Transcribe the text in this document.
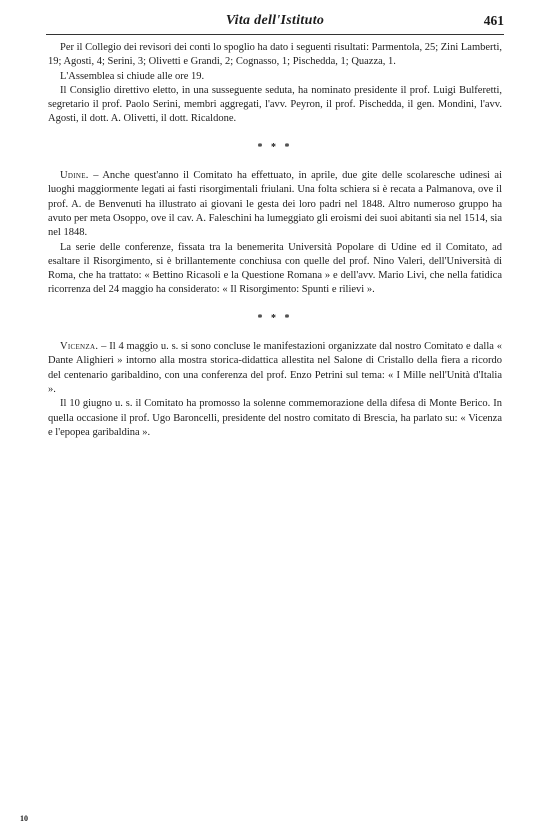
Vita dell'Istituto	461

Per il Collegio dei revisori dei conti lo spoglio ha dato i seguenti risultati: Parmentola, 25; Zini Lamberti, 19; Agosti, 4; Serini, 3; Olivetti e Grandi, 2; Cognasso, 1; Pischedda, 1; Quazza, 1.

L'Assemblea si chiude alle ore 19.

Il Consiglio direttivo eletto, in una susseguente seduta, ha nominato presidente il prof. Luigi Bulferetti, segretario il prof. Paolo Serini, membri aggregati, l'avv. Peyron, il prof. Pischedda, il gen. Mondini, l'avv. Agosti, il dott. A. Olivetti, il dott. Ricaldone.

* * *

Udine. – Anche quest'anno il Comitato ha effettuato, in aprile, due gite delle scolaresche udinesi ai luoghi maggiormente legati ai fasti risorgimentali friulani. Una folta schiera si è recata a Palmanova, ove il prof. A. de Benvenuti ha illustrato ai giovani le gesta dei loro padri nel 1848. Altro numeroso gruppo ha avuto per meta Osoppo, ove il cav. A. Faleschini ha lumeggiato gli eroismi dei suoi abitanti sia nel 1514, sia nel 1848.

La serie delle conferenze, fissata tra la benemerita Università Popolare di Udine ed il Comitato, ad esaltare il Risorgimento, si è brillantemente conchiusa con quelle del prof. Nino Valeri, dell'Università di Roma, che ha trattato: « Bettino Ricasoli e la Questione Romana » e dell'avv. Mario Livi, che nella fatidica ricorrenza del 24 maggio ha considerato: « Il Risorgimento: Spunti e rilievi ».

* * *

Vicenza. – Il 4 maggio u. s. si sono concluse le manifestazioni organizzate dal nostro Comitato e dalla « Dante Alighieri » intorno alla mostra storica-didattica allestita nel Salone di Cristallo della fiera a ricordo del centenario garibaldino, con una conferenza del prof. Enzo Petrini sul tema: « I Mille nell'Unità d'Italia ».

Il 10 giugno u. s. il Comitato ha promosso la solenne commemorazione della difesa di Monte Berico. In quella occasione il prof. Ugo Baroncelli, presidente del nostro comitato di Brescia, ha parlato su: « Vicenza e l'epopea garibaldina ».

10
